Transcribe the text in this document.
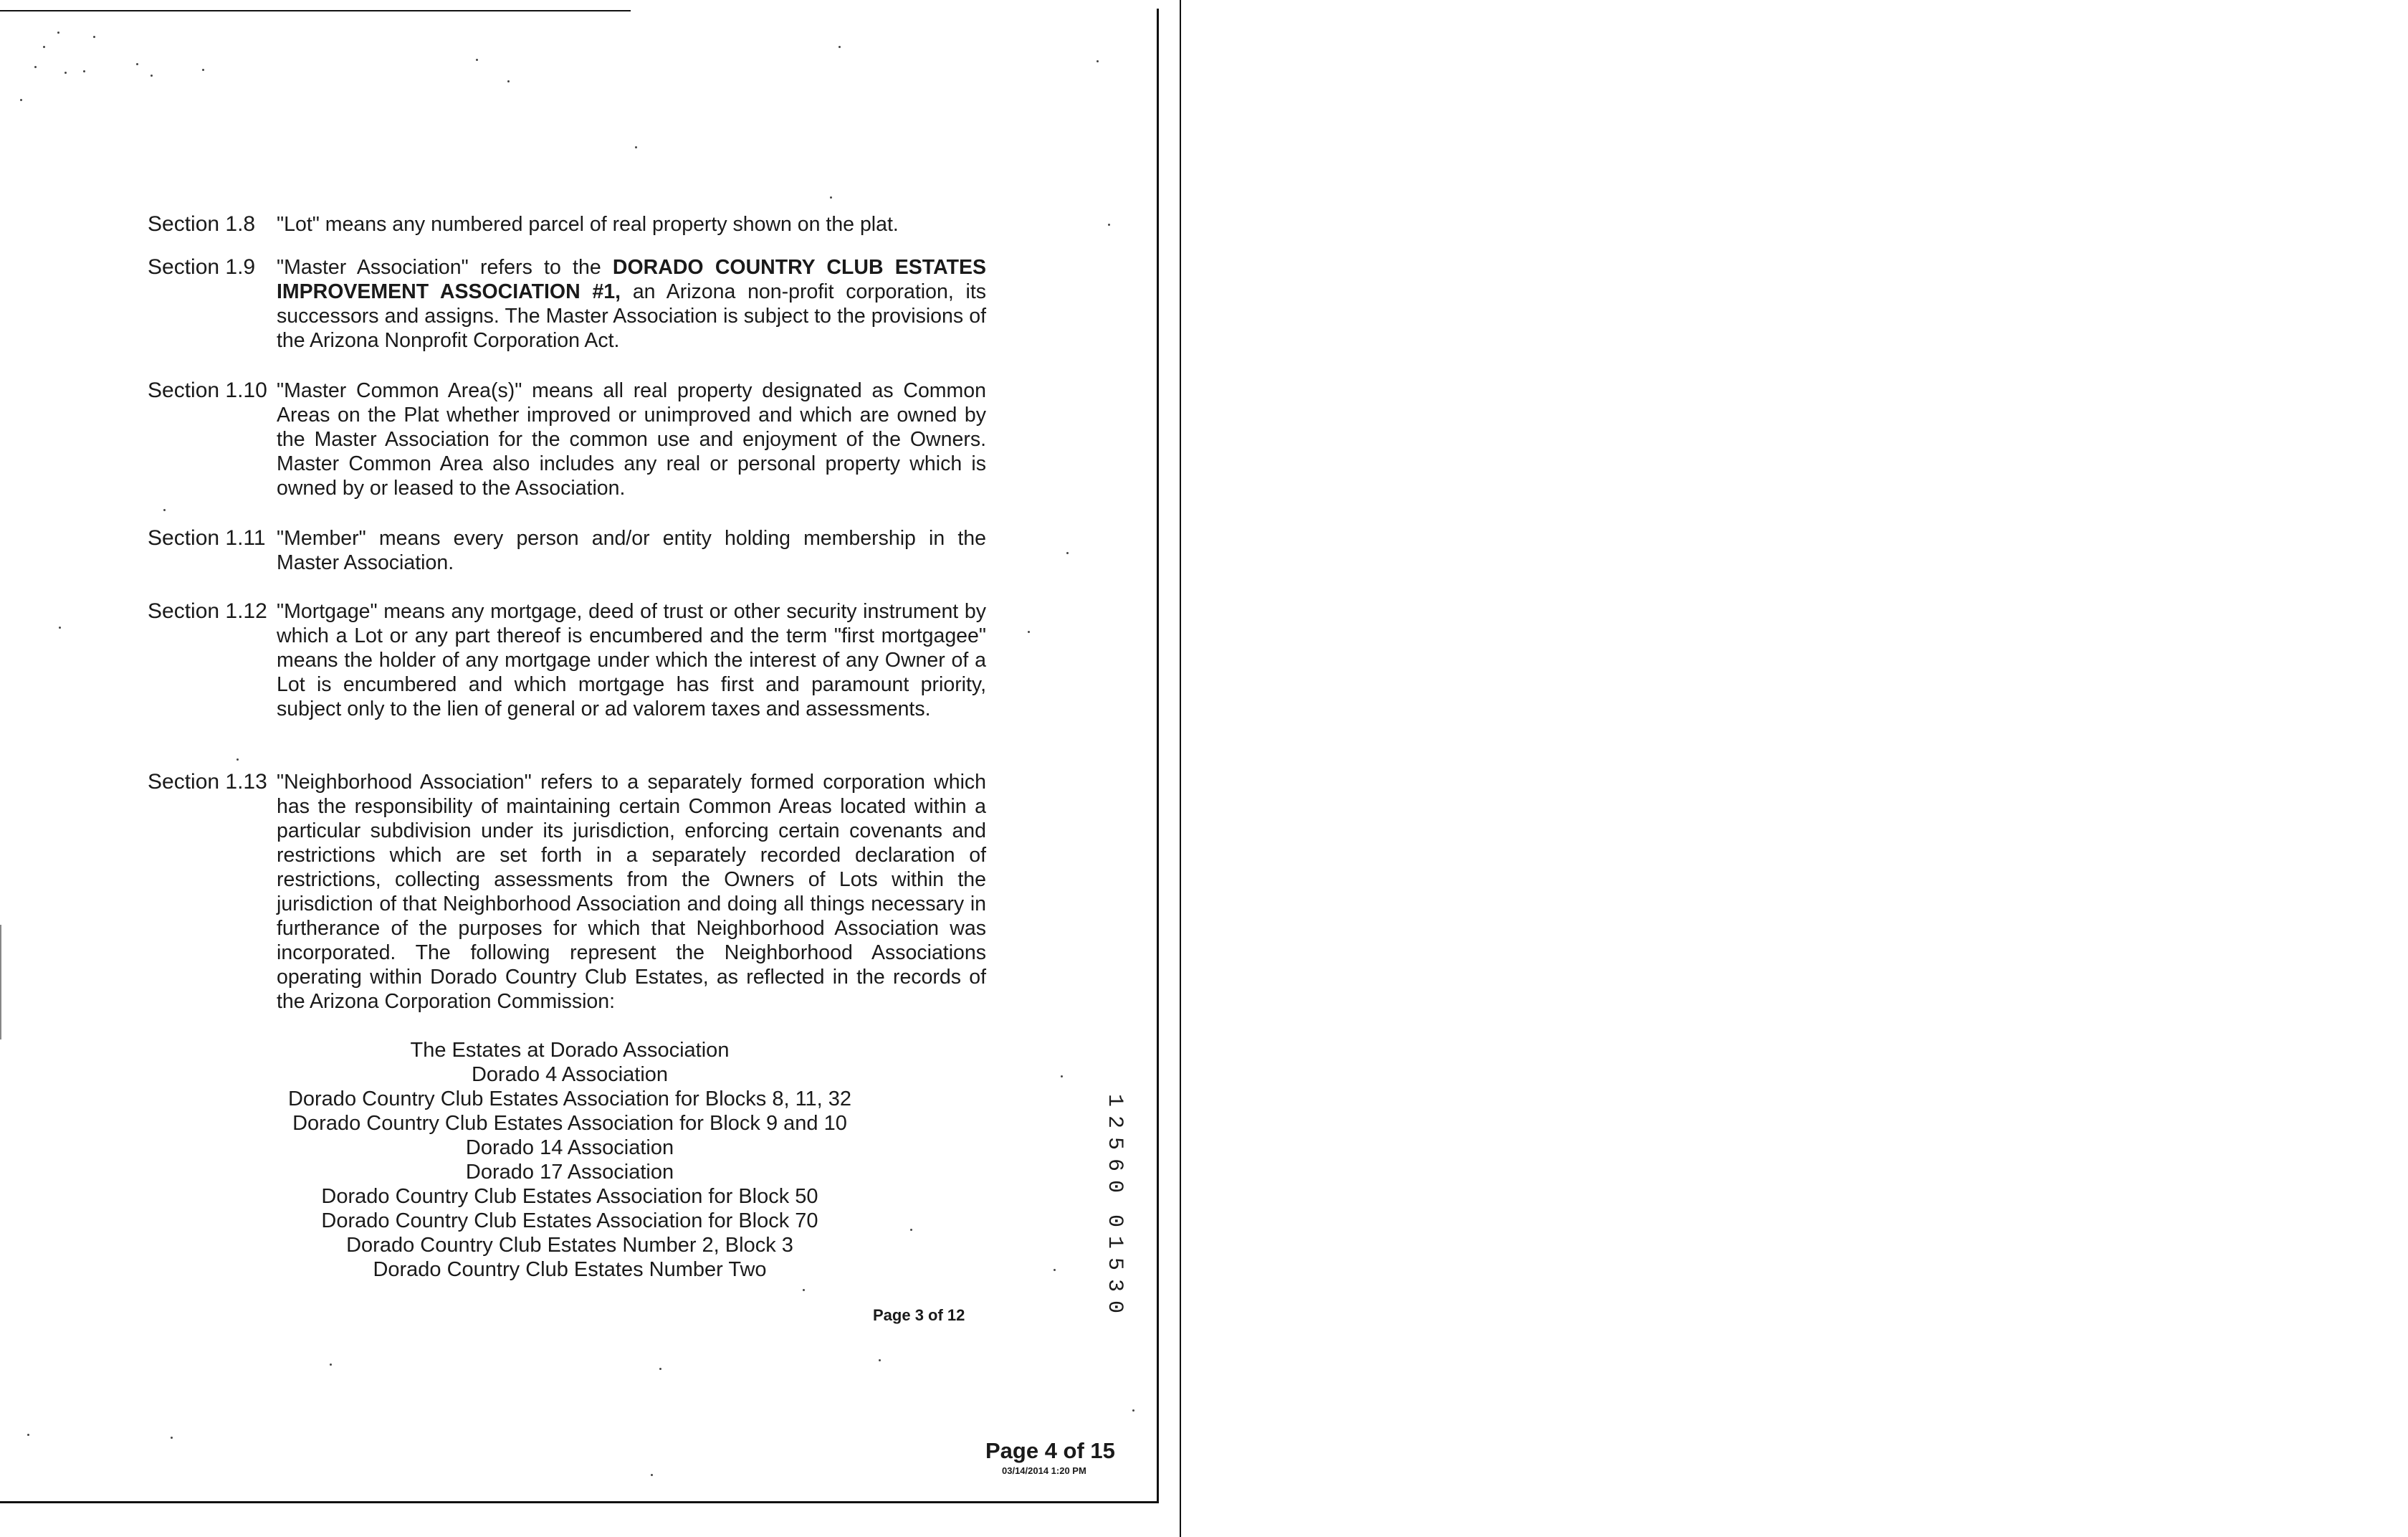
Section 1.8 "Lot" means any numbered parcel of real property shown on the plat.
Section 1.9 "Master Association" refers to the DORADO COUNTRY CLUB ESTATES IMPROVEMENT ASSOCIATION #1, an Arizona non-profit corporation, its successors and assigns. The Master Association is subject to the provisions of the Arizona Nonprofit Corporation Act.
Section 1.10 "Master Common Area(s)" means all real property designated as Common Areas on the Plat whether improved or unimproved and which are owned by the Master Association for the common use and enjoyment of the Owners. Master Common Area also includes any real or personal property which is owned by or leased to the Association.
Section 1.11 "Member" means every person and/or entity holding membership in the Master Association.
Section 1.12 "Mortgage" means any mortgage, deed of trust or other security instrument by which a Lot or any part thereof is encumbered and the term "first mortgagee" means the holder of any mortgage under which the interest of any Owner of a Lot is encumbered and which mortgage has first and paramount priority, subject only to the lien of general or ad valorem taxes and assessments.
Section 1.13 "Neighborhood Association" refers to a separately formed corporation which has the responsibility of maintaining certain Common Areas located within a particular subdivision under its jurisdiction, enforcing certain covenants and restrictions which are set forth in a separately recorded declaration of restrictions, collecting assessments from the Owners of Lots within the jurisdiction of that Neighborhood Association and doing all things necessary in furtherance of the purposes for which that Neighborhood Association was incorporated. The following represent the Neighborhood Associations operating within Dorado Country Club Estates, as reflected in the records of the Arizona Corporation Commission:
The Estates at Dorado Association
Dorado 4 Association
Dorado Country Club Estates Association for Blocks 8, 11, 32
Dorado Country Club Estates Association for Block 9 and 10
Dorado 14 Association
Dorado 17 Association
Dorado Country Club Estates Association for Block 50
Dorado Country Club Estates Association for Block 70
Dorado Country Club Estates Number 2, Block 3
Dorado Country Club Estates Number Two
Page 3 of 12
Page 4 of 15
03/14/2014 1:20 PM
1
2
5
6
0
0
1
5
3
0
